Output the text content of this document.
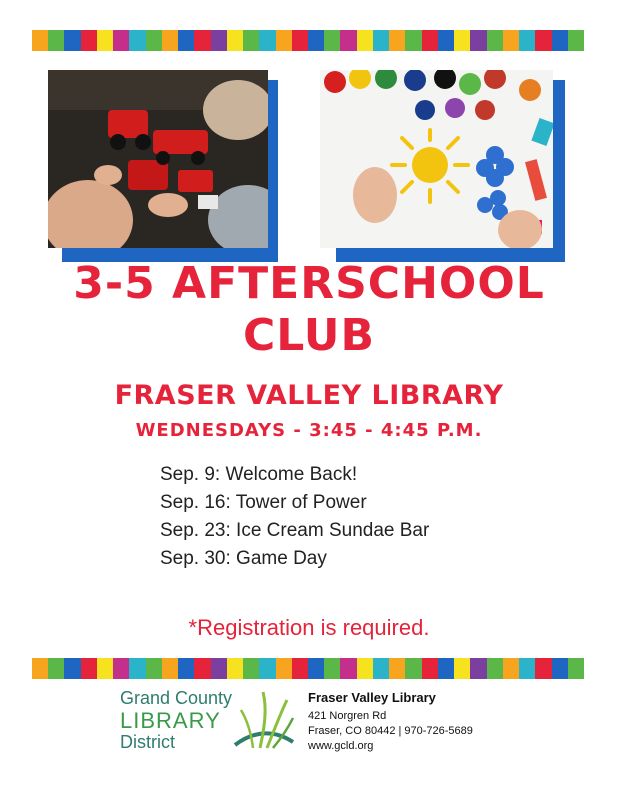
3-5 AFTERSCHOOL
CLUB
FRASER VALLEY LIBRARY
WEDNESDAYS - 3:45 - 4:45 P.M.
Sep. 9: Welcome Back!
Sep. 16: Tower of Power
Sep. 23: Ice Cream Sundae Bar
Sep. 30: Game Day
*Registration is required.
Grand County
LIBRARY
District
Fraser Valley Library
421 Norgren Rd
Fraser, CO 80442 | 970-726-5689
www.gcld.org
